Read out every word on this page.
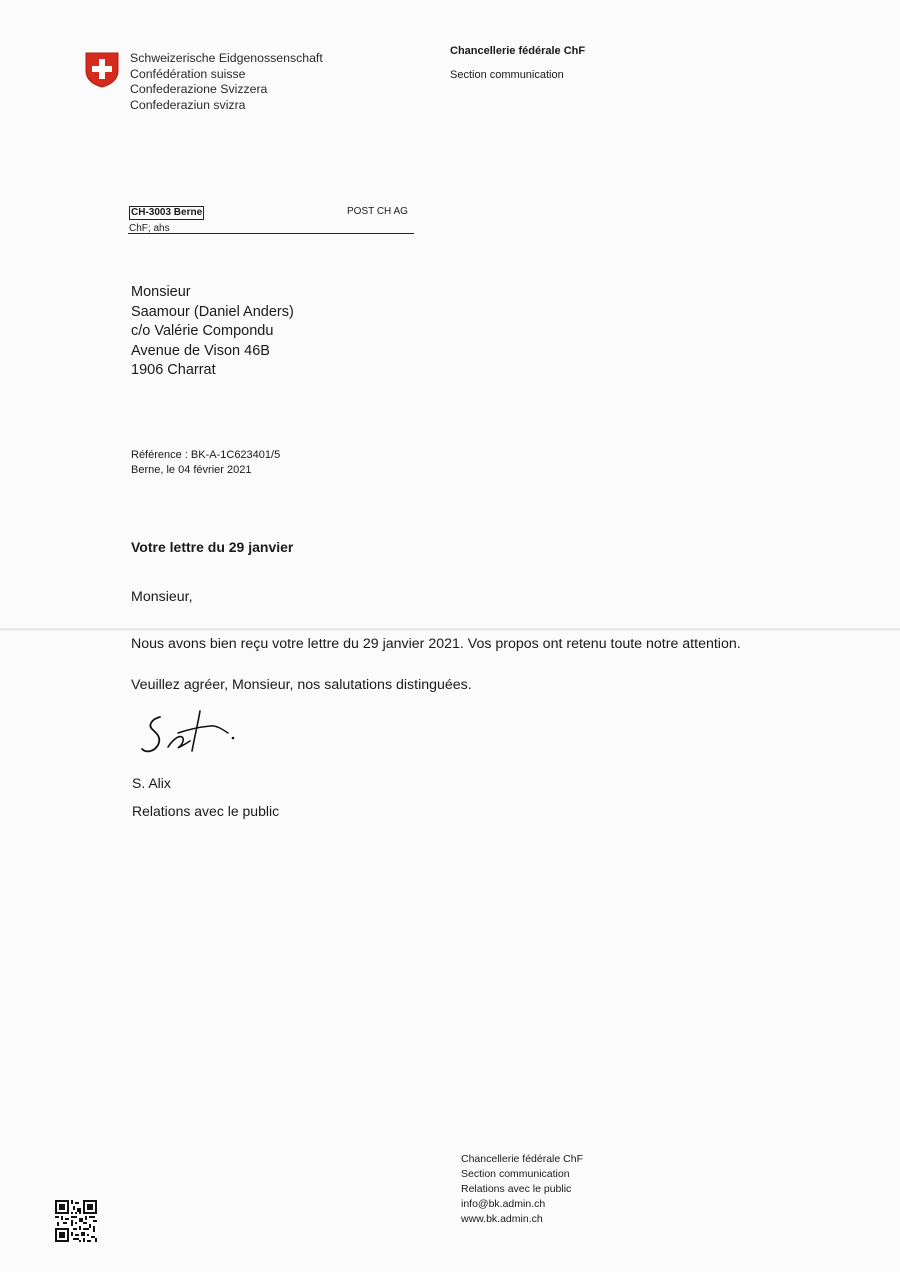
Schweizerische Eidgenossenschaft
Confédération suisse
Confederazione Svizzera
Confederaziun svizra
Chancellerie fédérale ChF
Section communication
CH-3003 Berne	POST CH AG
ChF; ahs
Monsieur
Saamour (Daniel Anders)
c/o Valérie Compondu
Avenue de Vison 46B
1906 Charrat
Référence : BK-A-1C623401/5
Berne, le 04 février 2021
Votre lettre du 29 janvier
Monsieur,
Nous avons bien reçu votre lettre du 29 janvier 2021. Vos propos ont retenu toute notre attention.
Veuillez agréer, Monsieur, nos salutations distinguées.
S. Alix
Relations avec le public
Chancellerie fédérale ChF
Section communication
Relations avec le public
info@bk.admin.ch
www.bk.admin.ch
